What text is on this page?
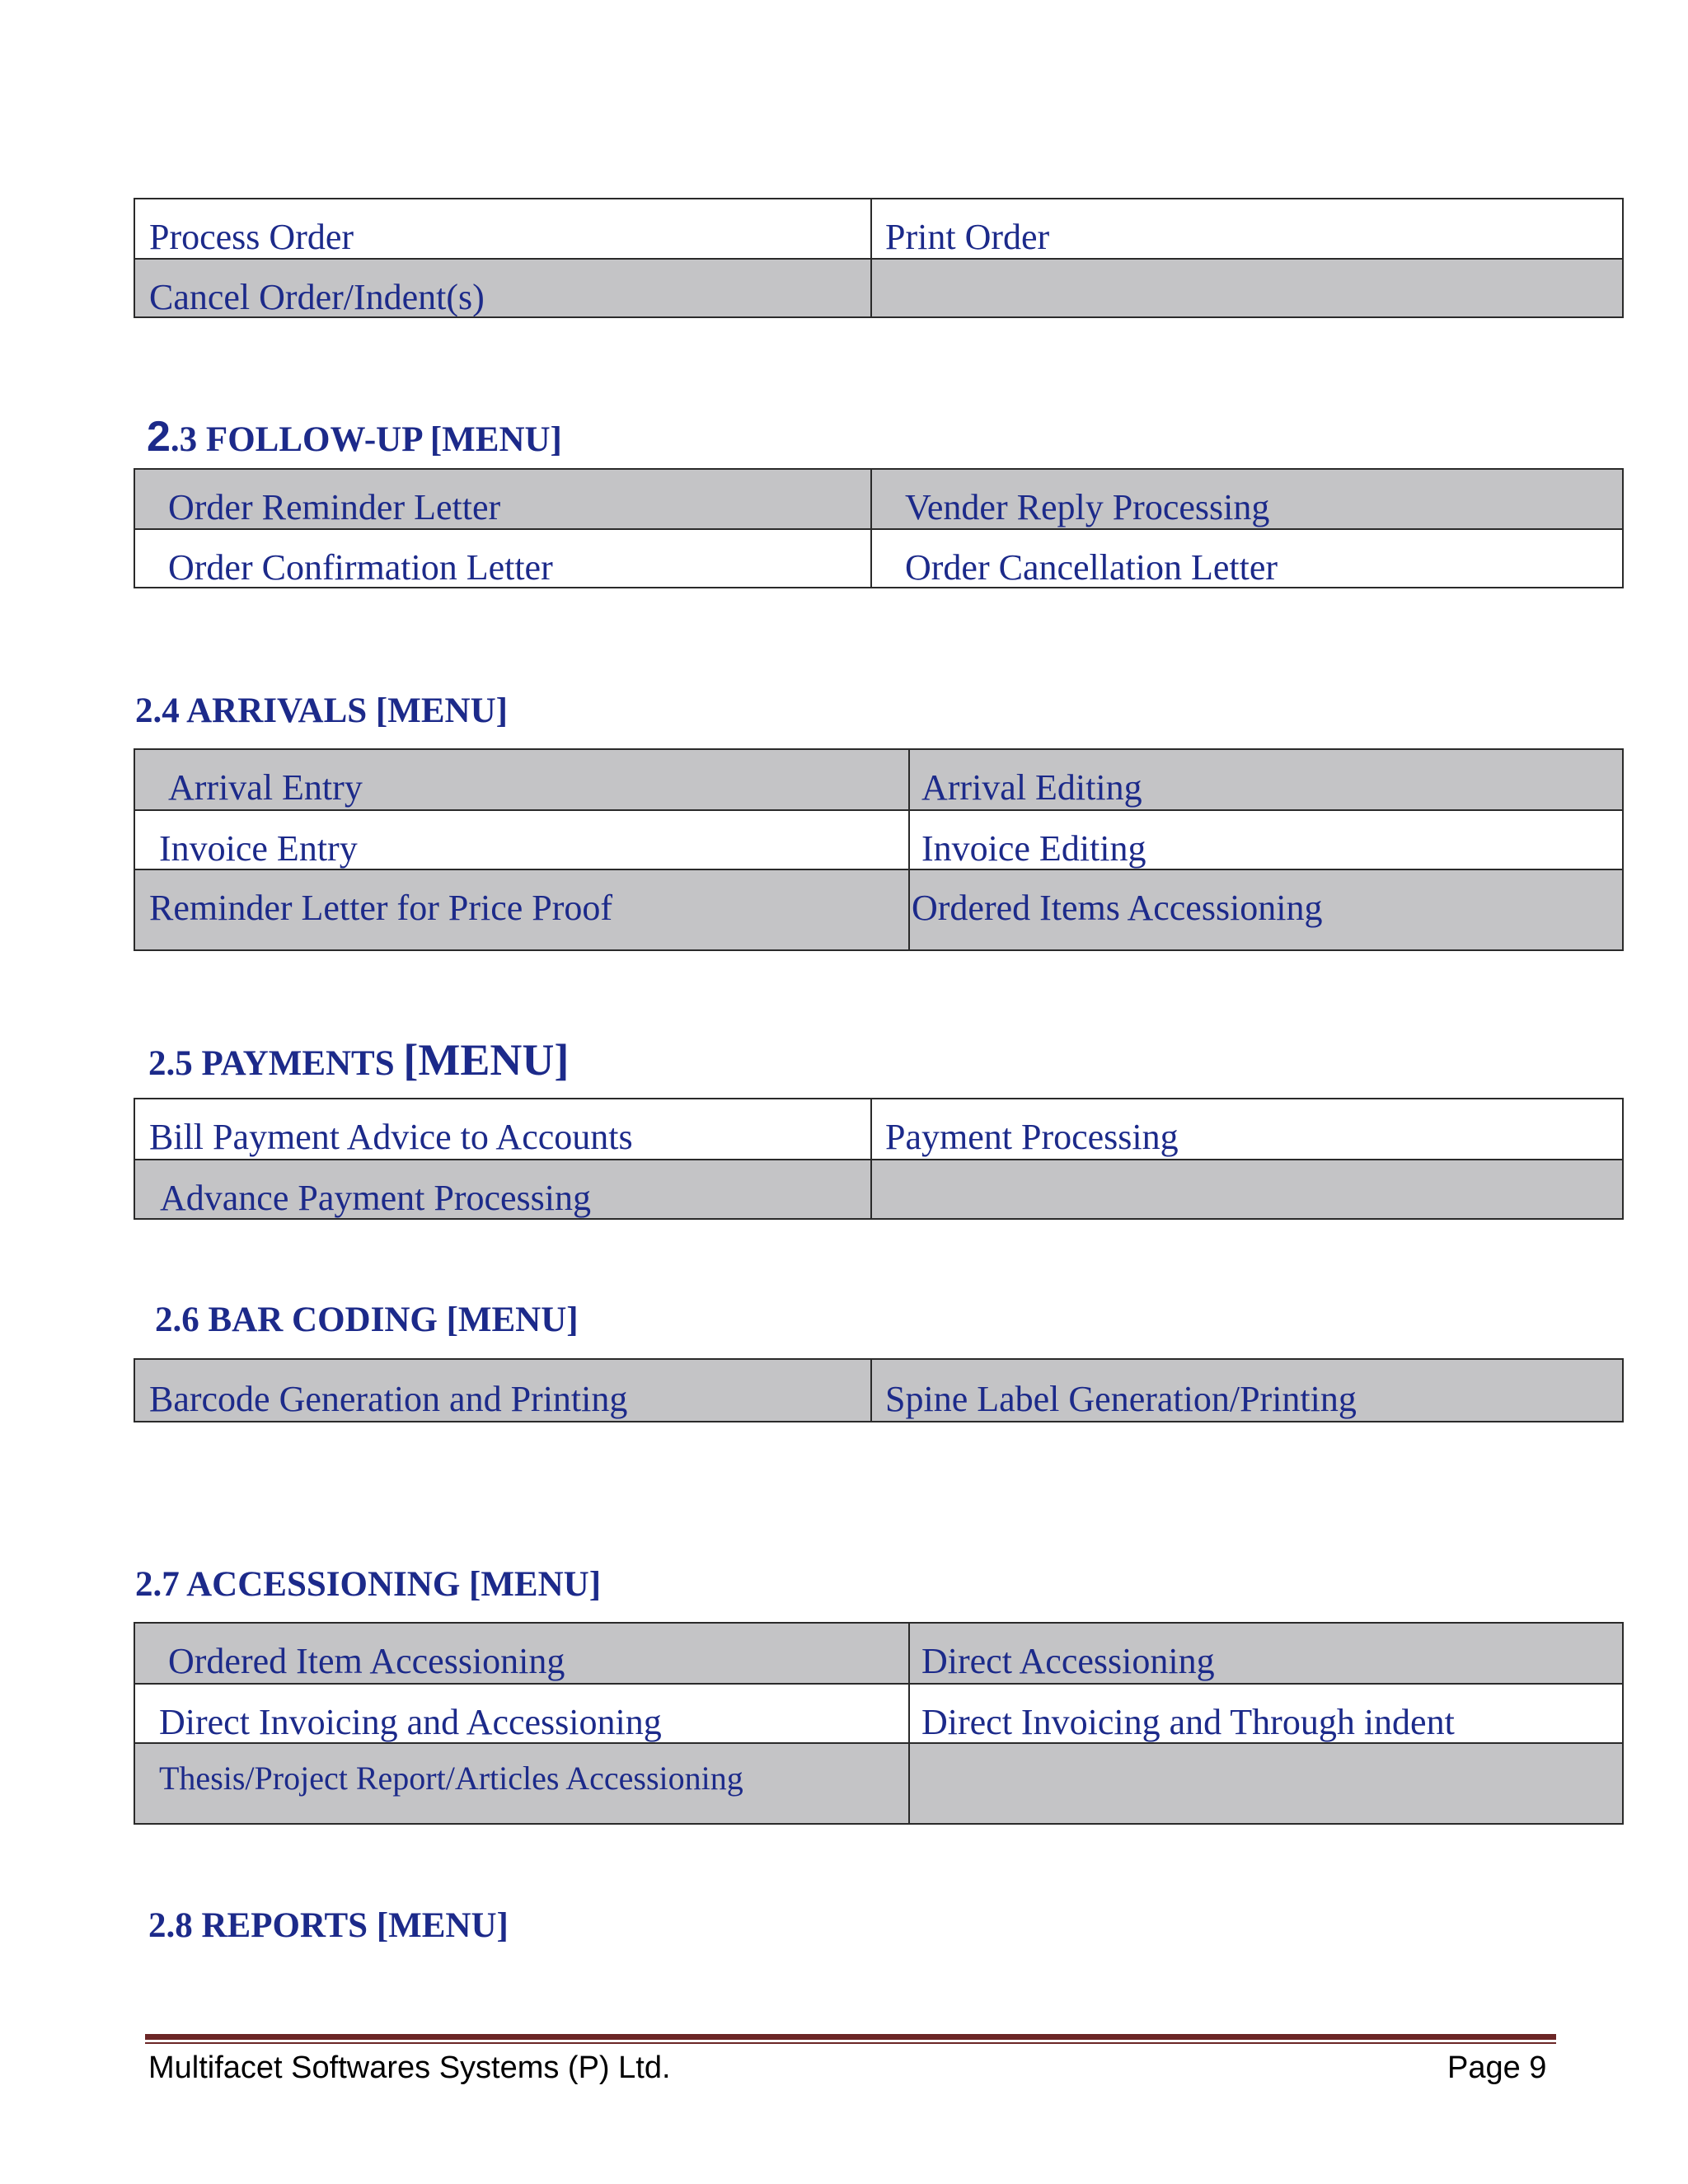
Process Order	Print Order
Cancel Order/Indent(s)
2.3 FOLLOW-UP [MENU]
Order Reminder Letter	Vender Reply Processing
Order Confirmation Letter	Order Cancellation Letter
2.4 ARRIVALS [MENU]
Arrival Entry	Arrival Editing
Invoice Entry	Invoice Editing
Reminder Letter for Price Proof	Ordered Items Accessioning
2.5 PAYMENTS [MENU]
Bill Payment Advice to Accounts	Payment Processing
Advance Payment Processing
2.6 BAR CODING [MENU]
Barcode Generation and Printing	Spine Label Generation/Printing
2.7 ACCESSIONING [MENU]
Ordered Item Accessioning	Direct Accessioning
Direct Invoicing and Accessioning	Direct Invoicing and Through indent
Thesis/Project Report/Articles Accessioning
2.8 REPORTS [MENU]
Multifacet Softwares Systems (P) Ltd.	Page 9
